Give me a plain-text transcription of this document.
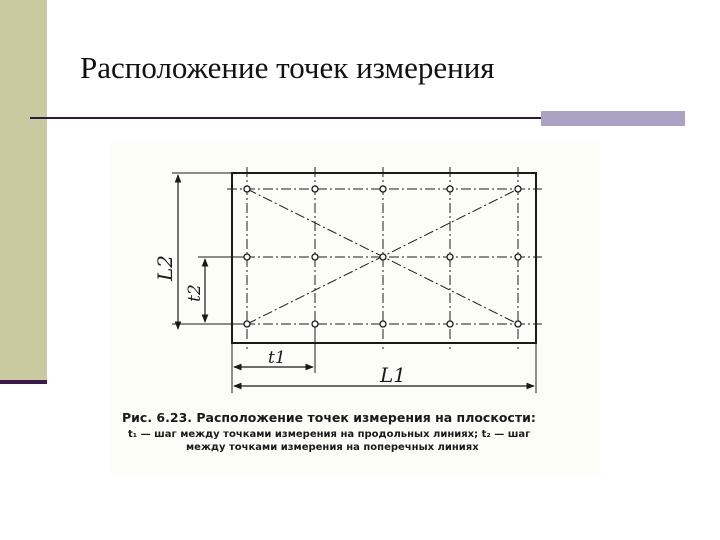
Расположение точек измерения
L2
t2
t1
L1
Рис. 6.23. Расположение точек измерения на плоскости:
t₁ — шаг между точками измерения на продольных линиях; t₂ — шаг
между точками измерения на поперечных линиях
